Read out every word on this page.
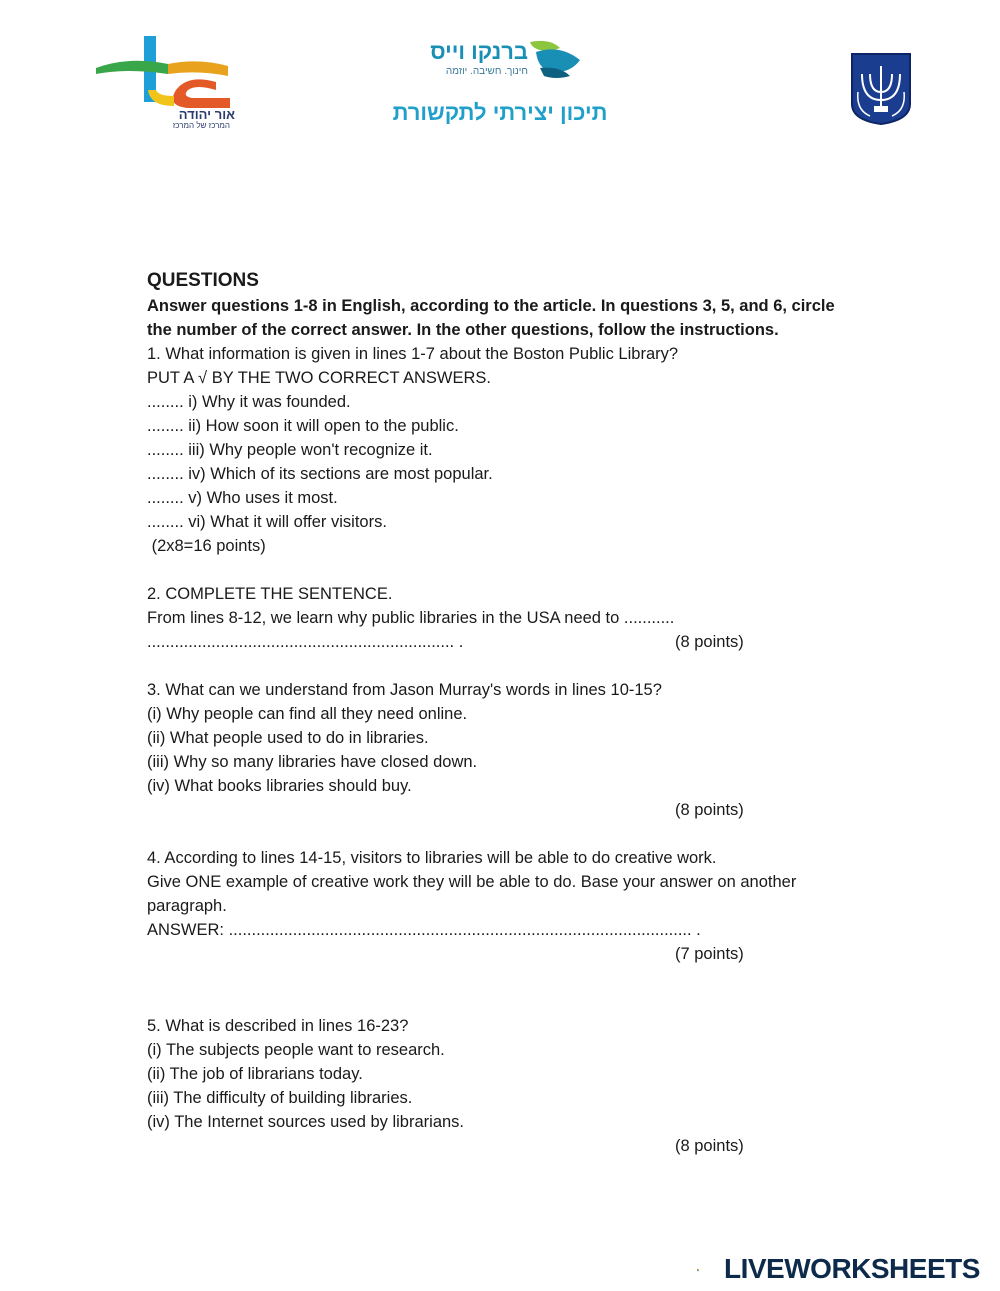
אור יהודה
המרכז של המרכז
ברנקו וייס
חינוך. חשיבה. יוזמה
תיכון יצירתי לתקשורת

QUESTIONS

Answer questions 1-8 in English, according to the article. In questions 3, 5, and 6, circle

the number of the correct answer. In the other questions, follow the instructions.

1. What information is given in lines 1-7 about the Boston Public Library?

PUT A √ BY THE TWO CORRECT ANSWERS.

........ i) Why it was founded.

........ ii) How soon it will open to the public.

........ iii) Why people won't recognize it.

........ iv) Which of its sections are most popular.

........ v) Who uses it most.

........ vi) What it will offer visitors.

(2x8=16 points)

2. COMPLETE THE SENTENCE.

From lines 8-12, we learn why public libraries in the USA need to ...........

................................................................... .	(8 points)

3. What can we understand from Jason Murray's words in lines 10-15?

(i) Why people can find all they need online.

(ii) What people used to do in libraries.

(iii) Why so many libraries have closed down.

(iv) What books libraries should buy.

(8 points)

4. According to lines 14-15, visitors to libraries will be able to do creative work.

Give ONE example of creative work they will be able to do. Base your answer on another

paragraph.

ANSWER: ..................................................................................................... .

(7 points)

5. What is described in lines 16-23?

(i) The subjects people want to research.

(ii) The job of librarians today.

(iii) The difficulty of building libraries.

(iv) The Internet sources used by librarians.

(8 points)
LIVEWORKSHEETS
